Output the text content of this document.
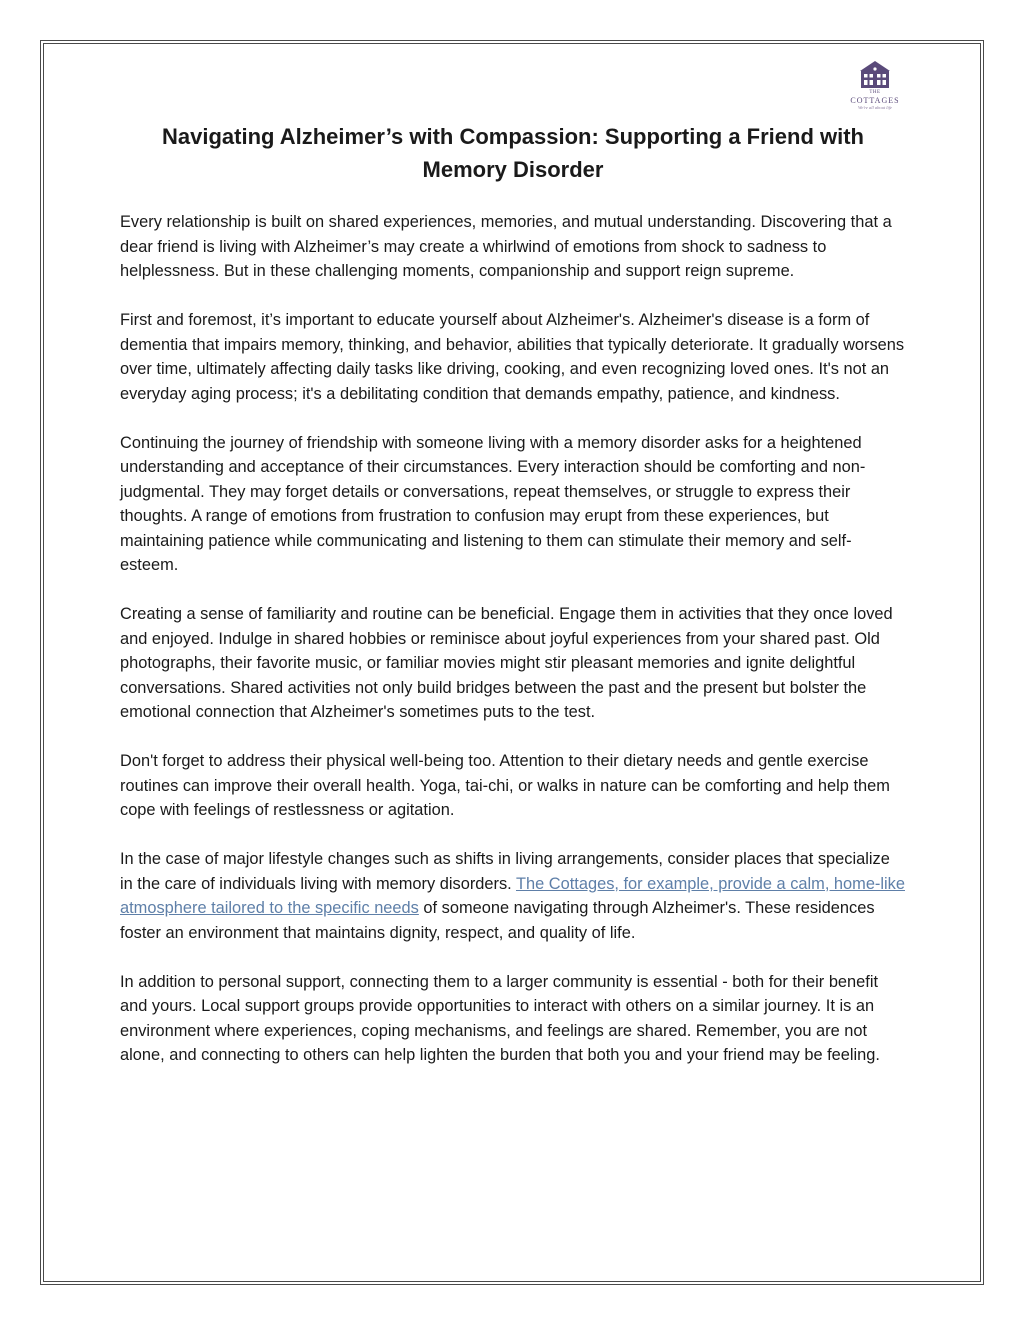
THE
COTTAGES
We're all about life
Navigating Alzheimer’s with Compassion: Supporting a Friend with Memory Disorder

Every relationship is built on shared experiences, memories, and mutual understanding. Discovering that a dear friend is living with Alzheimer’s may create a whirlwind of emotions from shock to sadness to helplessness. But in these challenging moments, companionship and support reign supreme.

First and foremost, it’s important to educate yourself about Alzheimer's. Alzheimer's disease is a form of dementia that impairs memory, thinking, and behavior, abilities that typically deteriorate. It gradually worsens over time, ultimately affecting daily tasks like driving, cooking, and even recognizing loved ones. It's not an everyday aging process; it's a debilitating condition that demands empathy, patience, and kindness.

Continuing the journey of friendship with someone living with a memory disorder asks for a heightened understanding and acceptance of their circumstances. Every interaction should be comforting and non-judgmental. They may forget details or conversations, repeat themselves, or struggle to express their thoughts. A range of emotions from frustration to confusion may erupt from these experiences, but maintaining patience while communicating and listening to them can stimulate their memory and self-esteem.

Creating a sense of familiarity and routine can be beneficial. Engage them in activities that they once loved and enjoyed. Indulge in shared hobbies or reminisce about joyful experiences from your shared past. Old photographs, their favorite music, or familiar movies might stir pleasant memories and ignite delightful conversations. Shared activities not only build bridges between the past and the present but bolster the emotional connection that Alzheimer's sometimes puts to the test.

Don't forget to address their physical well-being too. Attention to their dietary needs and gentle exercise routines can improve their overall health. Yoga, tai-chi, or walks in nature can be comforting and help them cope with feelings of restlessness or agitation.

In the case of major lifestyle changes such as shifts in living arrangements, consider places that specialize in the care of individuals living with memory disorders. The Cottages, for example, provide a calm, home-like atmosphere tailored to the specific needs of someone navigating through Alzheimer's. These residences foster an environment that maintains dignity, respect, and quality of life.

In addition to personal support, connecting them to a larger community is essential - both for their benefit and yours. Local support groups provide opportunities to interact with others on a similar journey. It is an environment where experiences, coping mechanisms, and feelings are shared. Remember, you are not alone, and connecting to others can help lighten the burden that both you and your friend may be feeling.
